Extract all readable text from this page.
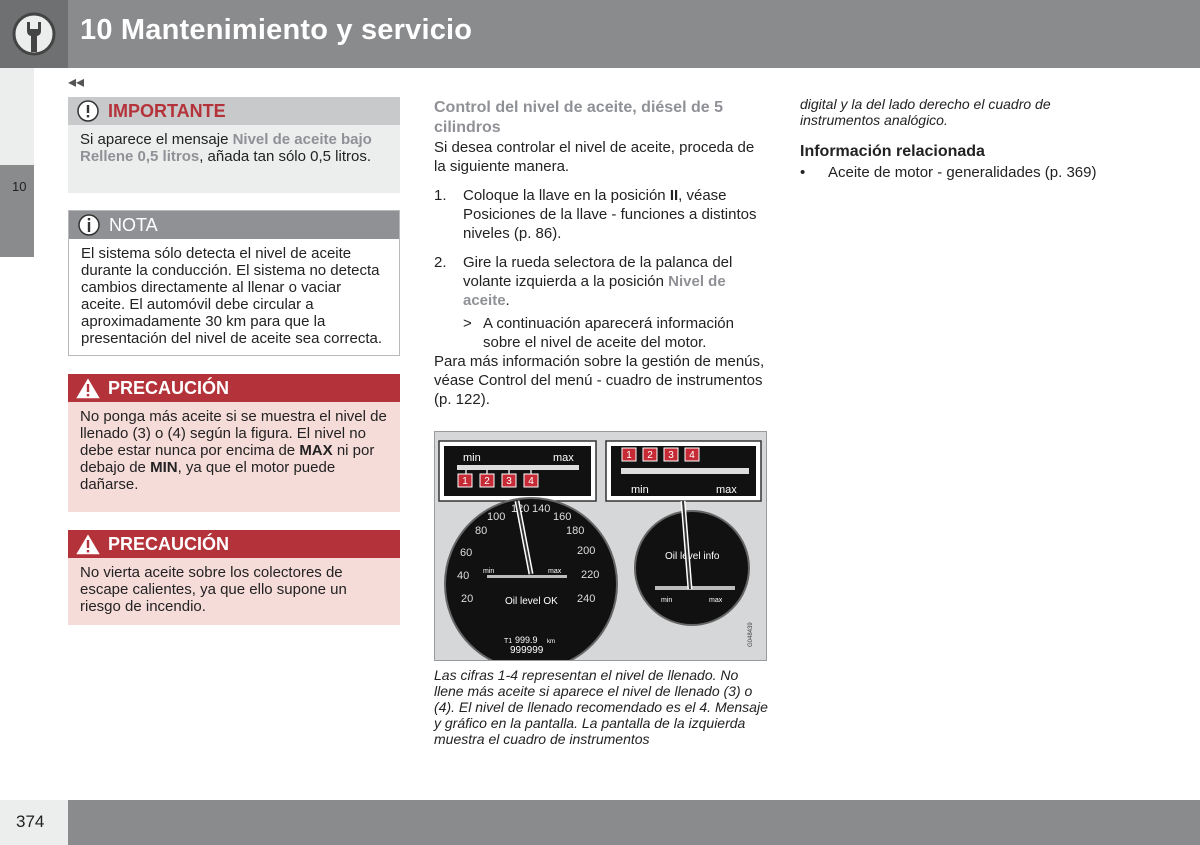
10 Mantenimiento y servicio
10
◂◂
IMPORTANTE
Si aparece el mensaje Nivel de aceite bajo Rellene 0,5 litros, añada tan sólo 0,5 litros.
NOTA
El sistema sólo detecta el nivel de aceite durante la conducción. El sistema no detecta cambios directamente al llenar o vaciar aceite. El automóvil debe circular a aproximadamente 30 km para que la presentación del nivel de aceite sea correcta.
PRECAUCIÓN
No ponga más aceite si se muestra el nivel de llenado (3) o (4) según la figura. El nivel no debe estar nunca por encima de MAX ni por debajo de MIN, ya que el motor puede dañarse.
PRECAUCIÓN
No vierta aceite sobre los colectores de escape calientes, ya que ello supone un riesgo de incendio.
Control del nivel de aceite, diésel de 5 cilindros

Si desea controlar el nivel de aceite, proceda de la siguiente manera.

1.	Coloque la llave en la posición II, véase Posiciones de la llave - funciones a distintos niveles (p. 86).
2.	Gire la rueda selectora de la palanca del volante izquierda a la posición Nivel de aceite.
> A continuación aparecerá información sobre el nivel de aceite del motor.

Para más información sobre la gestión de menús, véase Control del menú - cuadro de instrumentos (p. 122).

min	max
1 2 3 4
1 2 3 4
min	max
20
40
60
80
100
120 140
160
180
200
220
240
min	max
Oil level OK
T1 999.9 km
999999
Oil level info
min	max
G048439
Las cifras 1-4 representan el nivel de llenado. No llene más aceite si aparece el nivel de llenado (3) o (4). El nivel de llenado recomendado es el 4. Mensaje y gráfico en la pantalla. La pantalla de la izquierda muestra el cuadro de instrumentos
digital y la del lado derecho el cuadro de instrumentos analógico.
Información relacionada
•	Aceite de motor - generalidades (p. 369)
374
